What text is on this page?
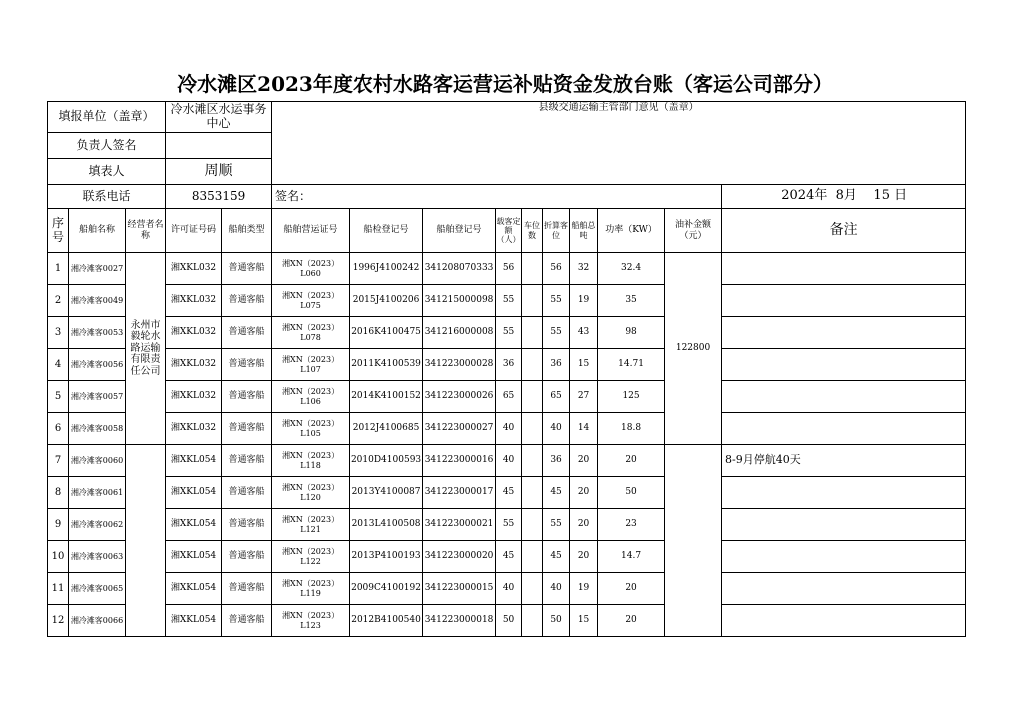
冷水滩区2023年度农村水路客运营运补贴资金发放台账（客运公司部分）
填报单位（盖章）			冷水滩区水运事务中心		县级交通运输主管部门意见（盖章）									
负责人签名														
填表人			周顺											
联系电话			8353159		签名：									2024年 8月 15 日
序号	船舶名称	经营者名称	许可证号码	船舶类型	船舶营运证号	船检登记号	船舶登记号	载客定额（人）	车位数	折算客位	船舶总吨	功率（KW）	油补金额（元）	备注
1	湘冷滩客0027	永州市毅轮水路运输有限责任公司	湘XKL032	普通客船	湘XN（2023）L060	1996J4100242	341208070333	56		56	32	32.4	122800	
2	湘冷滩客0049		湘XKL032	普通客船	湘XN（2023）L075	2015J4100206	341215000098	55		55	19	35		
3	湘冷滩客0053		湘XKL032	普通客船	湘XN（2023）L078	2016K4100475	341216000008	55		55	43	98		
4	湘冷滩客0056		湘XKL032	普通客船	湘XN（2023）L107	2011K4100539	341223000028	36		36	15	14.71		
5	湘冷滩客0057		湘XKL032	普通客船	湘XN（2023）L106	2014K4100152	341223000026	65		65	27	125		
6	湘冷滩客0058		湘XKL032	普通客船	湘XN（2023）L105	2012J4100685	341223000027	40		40	14	18.8		
7	湘冷滩客0060		湘XKL054	普通客船	湘XN（2023）L118	2010D4100593	341223000016	40		36	20	20		8-9月停航40天
8	湘冷滩客0061		湘XKL054	普通客船	湘XN（2023）L120	2013Y4100087	341223000017	45		45	20	50		
9	湘冷滩客0062		湘XKL054	普通客船	湘XN（2023）L121	2013L4100508	341223000021	55		55	20	23		
10	湘冷滩客0063		湘XKL054	普通客船	湘XN（2023）L122	2013P4100193	341223000020	45		45	20	14.7		
11	湘冷滩客0065		湘XKL054	普通客船	湘XN（2023）L119	2009C4100192	341223000015	40		40	19	20		
12	湘冷滩客0066		湘XKL054	普通客船	湘XN（2023）L123	2012B4100540	341223000018	50		50	15	20		
